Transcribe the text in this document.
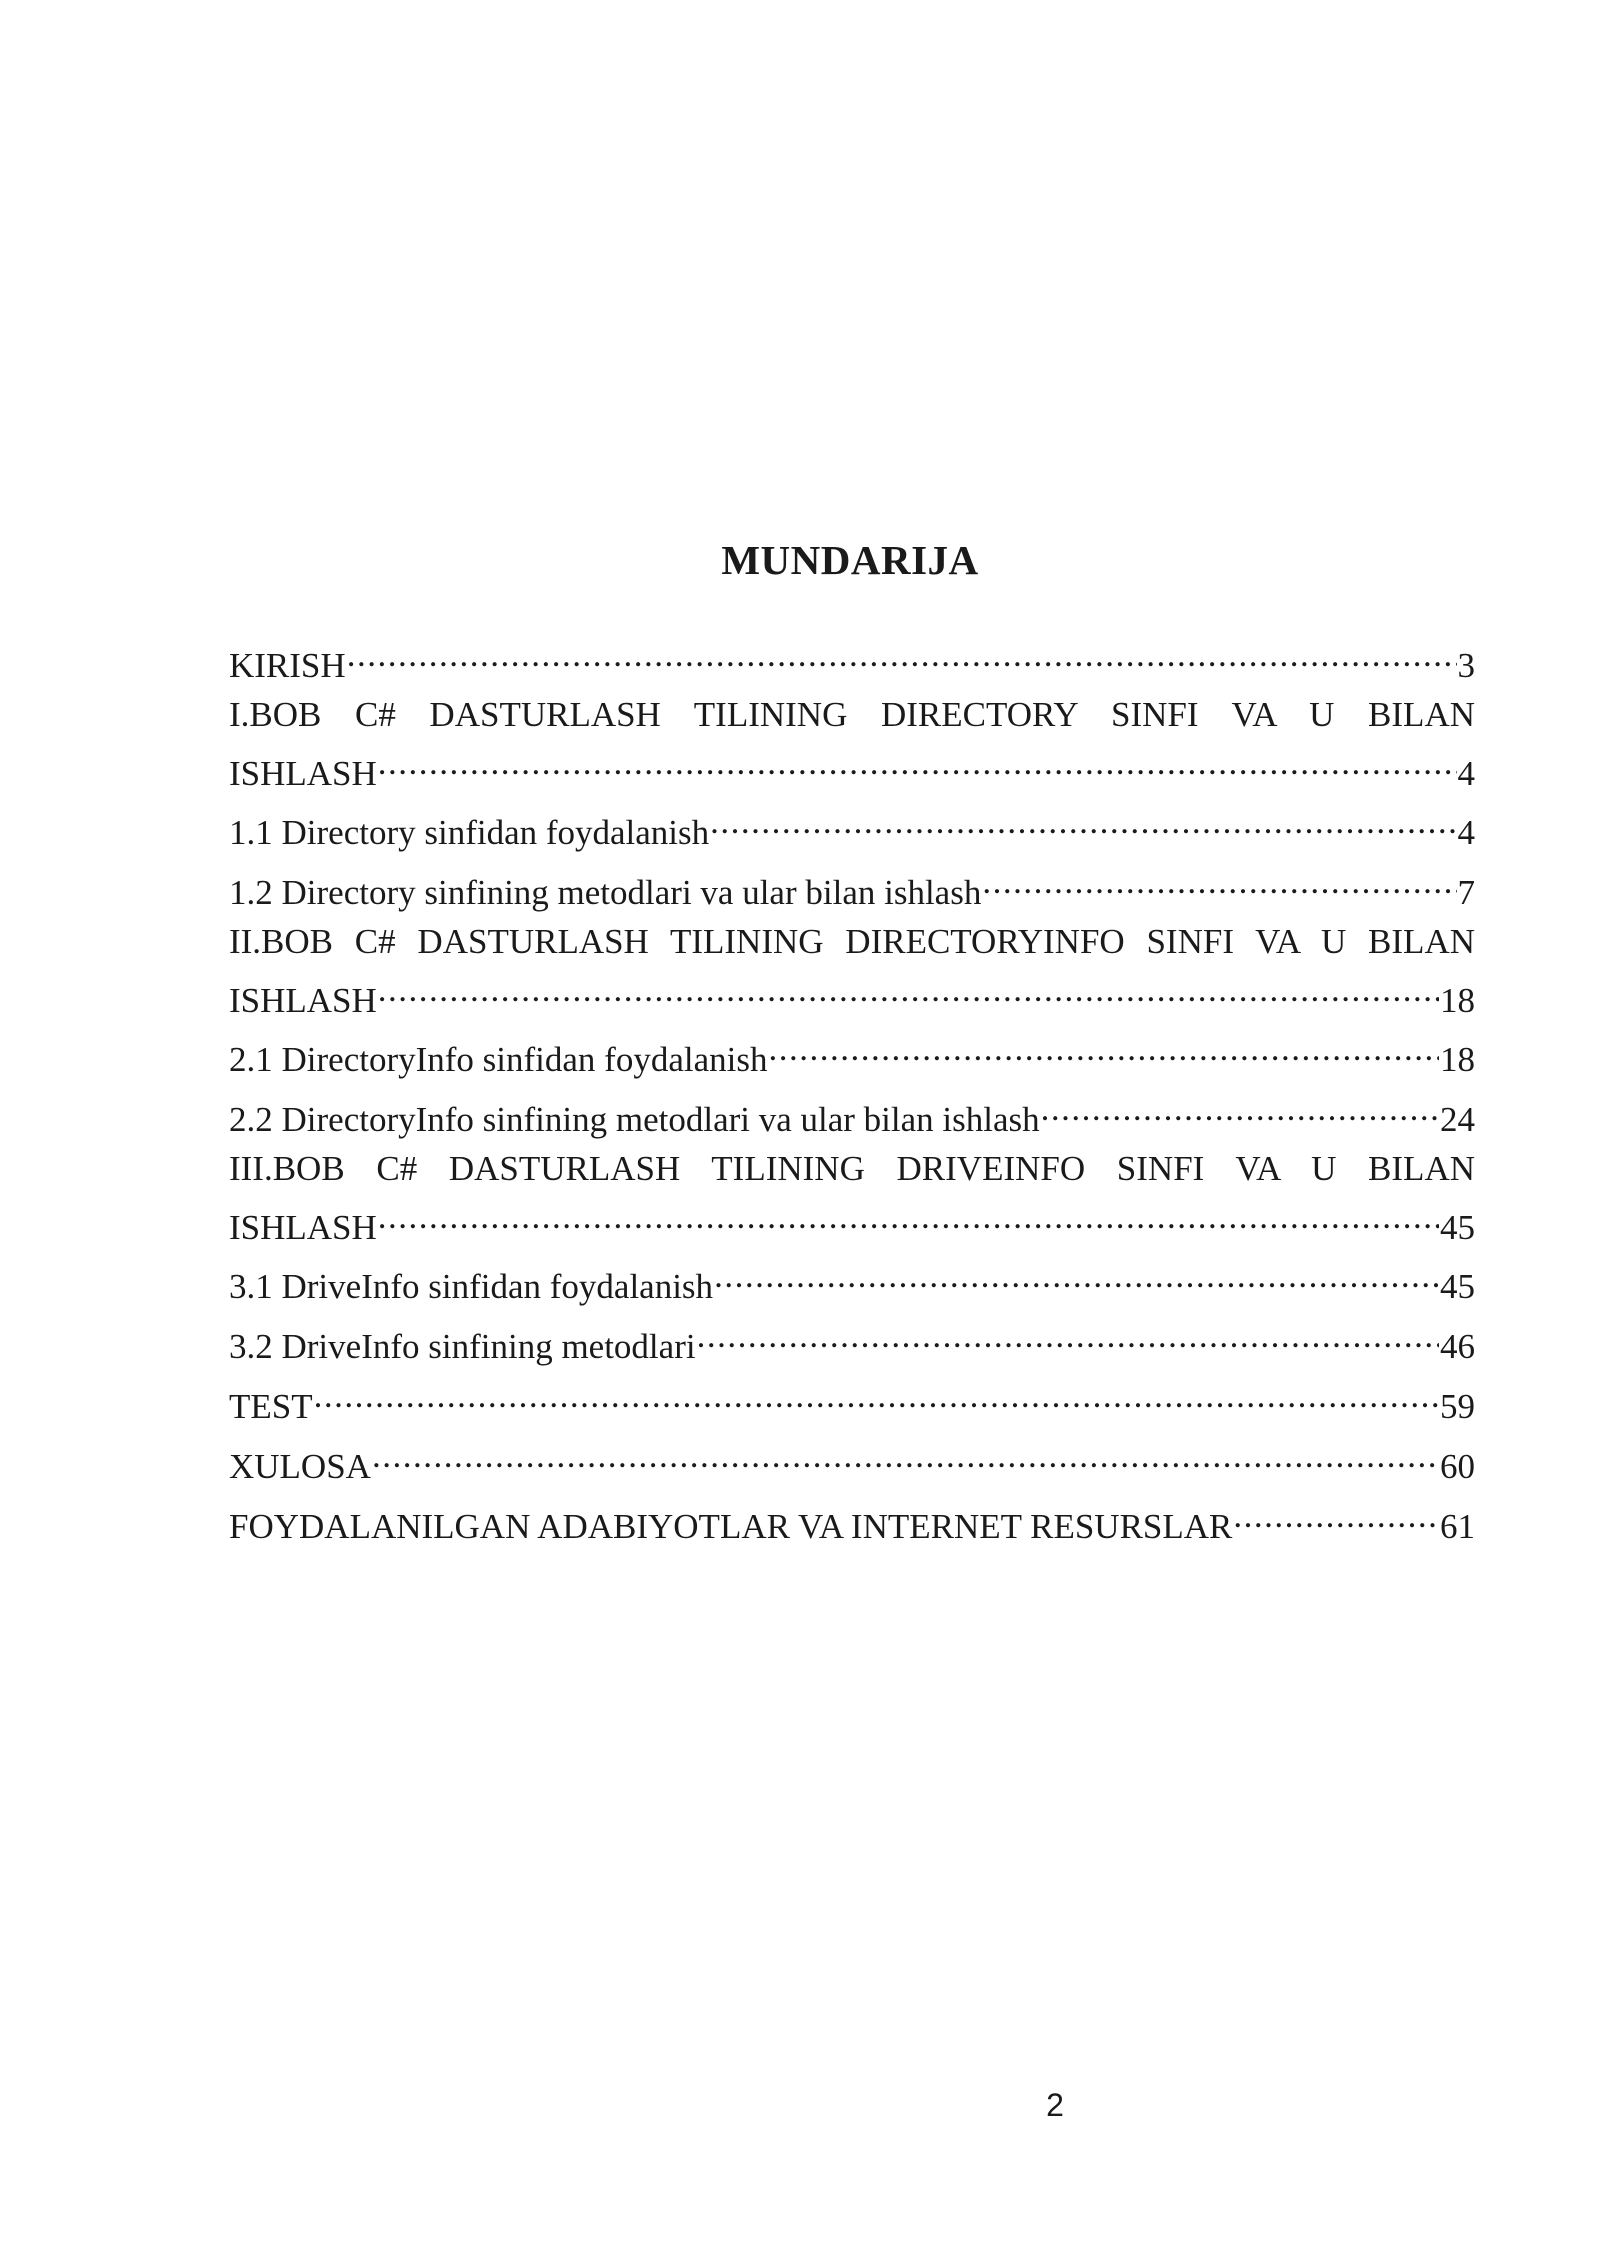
MUNDARIJA
KIRISH .....	3
I.BOB C# DASTURLASH TILINING DIRECTORY SINFI VA U BILAN
ISHLASH .....	4
1.1 Directory sinfidan foydalanish .....	4
1.2 Directory sinfining metodlari va ular bilan ishlash .....	7
II.BOB C# DASTURLASH TILINING DIRECTORYINFO SINFI VA U BILAN
ISHLASH .....	18
2.1 DirectoryInfo sinfidan foydalanish .....	18
2.2 DirectoryInfo sinfining metodlari va ular bilan ishlash .....	24
III.BOB C# DASTURLASH TILINING DRIVEINFO SINFI VA U BILAN
ISHLASH .....	45
3.1 DriveInfo sinfidan foydalanish .....	45
3.2 DriveInfo sinfining metodlari .....	46
TEST .....	59
XULOSA .....	60
FOYDALANILGAN ADABIYOTLAR VA INTERNET RESURSLAR .....	61
2
